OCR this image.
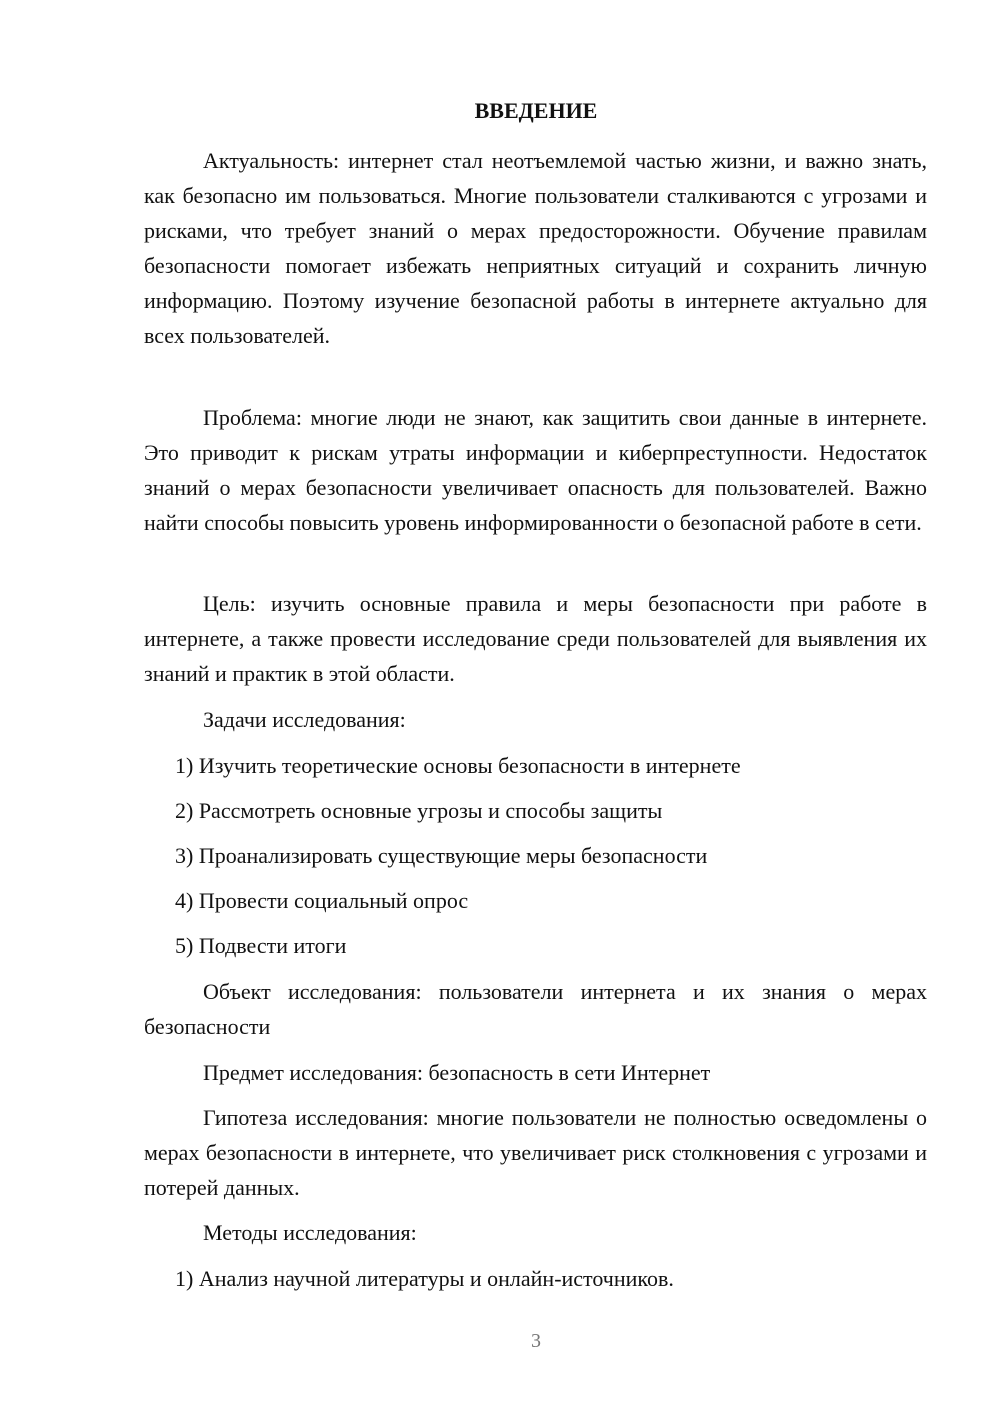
ВВЕДЕНИЕ

Актуальность: интернет стал неотъемлемой частью жизни, и важно знать, как безопасно им пользоваться. Многие пользователи сталкиваются с угрозами и рисками, что требует знаний о мерах предосторожности. Обучение правилам безопасности помогает избежать неприятных ситуаций и сохранить личную информацию. Поэтому изучение безопасной работы в интернете актуально для всех пользователей.

Проблема: многие люди не знают, как защитить свои данные в интернете. Это приводит к рискам утраты информации и киберпреступности. Недостаток знаний о мерах безопасности увеличивает опасность для пользователей. Важно найти способы повысить уровень информированности о безопасной работе в сети.

Цель: изучить основные правила и меры безопасности при работе в интернете, а также провести исследование среди пользователей для выявления их знаний и практик в этой области.

Задачи исследования:

1) Изучить теоретические основы безопасности в интернете

2) Рассмотреть основные угрозы и способы защиты

3) Проанализировать существующие меры безопасности

4) Провести социальный опрос

5) Подвести итоги

Объект исследования: пользователи интернета и их знания о мерах безопасности

Предмет исследования: безопасность в сети Интернет

Гипотеза исследования: многие пользователи не полностью осведомлены о мерах безопасности в интернете, что увеличивает риск столкновения с угрозами и потерей данных.

Методы исследования:

1) Анализ научной литературы и онлайн-источников.

3
